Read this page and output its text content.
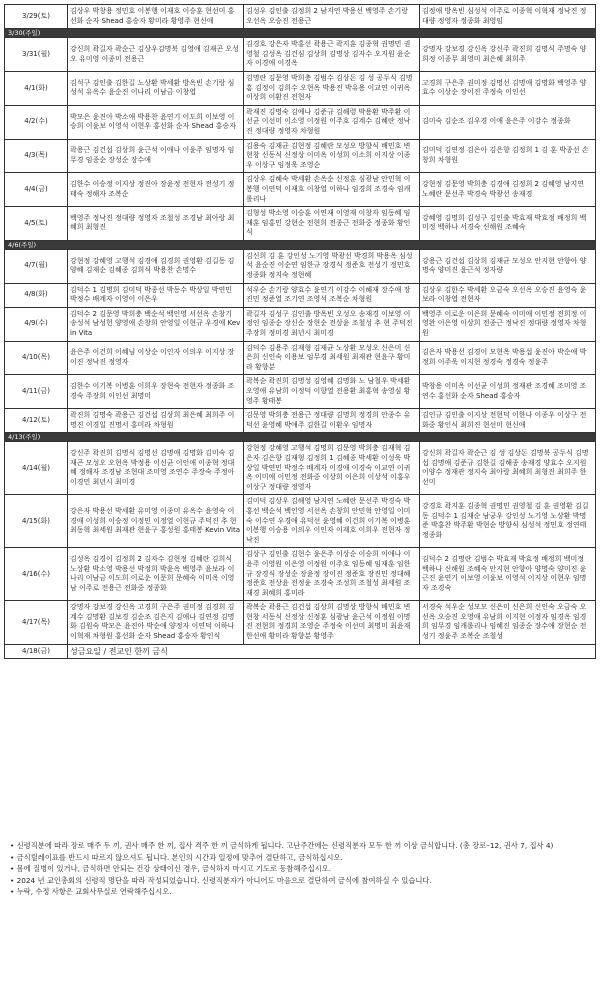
3/29(토)	김상우 박창용 정민호 이봉행 이재호 이승훈 현선미 홍선화 순자 Shead 홍승자 황미라 황영주 현신애	김성우 김인출 김정희 2 남지연 박용선 백영주 손기랑 오선옥 오승진 전용근	김정애 방옥빈 심성석 이주로 이종혁 이혁재 정낙진 정대량 정영자 정종화 최영임
3/30(주일)			
3/31(월)	강신희 곽길자 곽순근 김상우김명북 김영애 김재곤 오성오 유미영 이종미 전용근	김경호 강은자 박홍선 곽용근 곽지훈 김종혁 권명민 권영철 김성옥 김건심 김상희 김명상 김자수 오지원 윤순자 이경애 이경옥	강명자 강보경 강신옥 강신주 곽진희 김명식 주명숙 양희정 이종무 최영미 최은혜 최희주
4/1(화)	김석구 김인출 김한길 노상환 박세환 방옥빈 손기랑 심성석 유옥수 윤순진 이나리 이남금 이창엽	김명란 김문영 박희충 김범수 김상돈 김 성 공두식 김명흠 김정이 김희수 오현옥 박용진 박유용 이교연 이귀옥 이상희 이환진 전현자	고경희 구은주 권미정 김명선 김명애 김명화 백영주 양효수 이상순 장이진 주정숙 이인선
4/2(수)	박모은 윤진아 박소애 박용찬 윤연기 이도희 이보영 이승희 이윤보 이영석 이현우 홍선화 순자 Shead 홍승자	곽재진 김명숙 김예나 김준규 김해령 박용환 박주환 이선균 이선미 이소영 이정원 이주호 김계수 김혜란 정낙진 정대량 정영자 차형원	김미숙 김순조 김우경 이애 윤은주 이강수 정종화
4/3(목)	곽용근 김건섭 김상희 윤근석 이애나 이윤주 임명자 임무경 임종순 장성순 장수애	김용숙 김재균 김현정 김혜란 모성오 방향식 배민호 변현창 신동식 신정상 이미옥 이성희 이소희 이지상 이종우 이상구 임정욱 조영순	김미덕 김연정 김은아 김은향 김정희 1 김 훈 박종선 손창희 차형원
4/4(금)	김한수 이승정 이지상 정진아 장윤정 전현자 전성기 정태숙 정해자 조복순	김상우 김혜숙 박세환 손옥순 신정훈 심광남 안민혁 이봉행 이연덕 이재호 이창열 이하나 임경희 조경숙 임캐롤리나	강현정 김문영 박희충 김경애 김정희 2 김혜영 남지연 노혜란 문선주 박경숙 박광선 송재경
4/5(토)	백영주 정낙진 정대량 정영자 조철성 조경남 최아랑 최혜희 최형진	김형성 박소영 이승훈 이연재 이영재 이창자 임동혜 임재훈 임홍민 강현순 전현희 전종근 전화중 정종화 황인식	강혜영 김명희 김성구 김인출 박효재 박효정 배정희 백미정 백하나 서경숙 신해원 조혜숙
4/6(주일)			
4/7(월)	강현정 강혜영 고행석 김경애 김경희 권영환 김길동 김양혜 김재순 김혜종 김희식 박용찬 손명수	김신희 김 훈 강인성 노기영 박광선 박경희 박용옥 심성석 윤순진 이순연 임한규 장경식 정준호 전성기 정민호 정종화 정지숙 정현혜	강용근 김건섭 김상희 김재균 모성오 안지현 안향아 양명숙 양미진 윤근석 정자량
4/8(화)	김덕수 1 김명희 김미덕 박종선 박동수 박상일 박연민 박정수 배계자 이영이 이은우	석우순 손기랑 양효수 윤연기 이강수 이혜재 장수애 장진민 정준열 조기연 조영석 조복순 차형원	김상우 김한수 박세환 오금숙 오선옥 오승진 윤영숙 윤보라 이창엽 전현자
4/9(수)	김덕수 2 김문영 박희충 백순석 백인영 서선옥 손창기 송성석 남성헌 양영애 손창희 안영일 이현규 우경애 Kevin Vita	곽길자 김성구 김인출 방옥빈 오성오 송재경 이보영 이정인 임종순 장신순 장현순 전상윤 조철성 추 현 주덕진 주장희 정미경 최년시 최미경	백영주 이로운 이은희 문혜숙 이미애 이민정 전희정 이영완 이은영 이상희 전종근 정낙진 정대량 정영자 차형원
4/10(목)	윤은주 이건희 이혜님 이상순 이인자 이의우 이지상 장이진 정낙진 정영자	김덕수 김용주 김재형 김재균 노상환 모성오 신은미 신은희 신인숙 이용보 임무경 최세원 최재관 현윤구 황미라 황향분	김은자 박용선 김경이 모현옥 박용섭 윤진아 박순애 박정희 이주욱 이지현 정경숙 정경숙 정윤주
4/11(금)	김한수 이기복 이병훈 이희우 장현숙 전현자 정종화 조경숙 주장희 이인선 최명미	곽복순 곽진희 김명성 김영혜 김명화 노 남철우 박세환 오영애 유남희 이정덕 이향열 전용환 최홍혁 송영심 황영주 황태봉	박창용 이미옥 이선균 이성희 정재관 조경혜 조미영 조연수 홍선화 순자 Shead 홍승자
4/12(토)	곽진희 김명숙 곽용근 김건섭 김상희 최은혜 최희주 이명진 이경일 진명서 홍미라 차형원	김문영 박희충 전용근 정대량 김명희 정경희 안종수 유덕선 윤영혜 박애주 김한길 이환우 임명자	김인규 김인출 이지상 전현덕 이한나 이종우 이상구 전화중 황인식 최희진 현선미 현신애
4/13(주일)			
4/14(월)	강신주 곽진희 김명식 김명선 김명애 김명화 김미숙 김재곤 모성오 오현옥 박정용 이선균 이인애 이종혁 정대혜 정해자 조경남 조현대 조미영 조연수 주장숙 주정아 이경민 최년시 최미경	강현정 강혜영 고행석 김명희 김문영 박희충 김재혁 김은자 김은향 김재형 김정희 1 김혜종 박세환 이성욱 박상일 박연민 박정수 배계자 이경애 이경숙 이교연 이귀옥 이미애 이민정 전화중 이상희 이은희 이상석 이홍우 이상구 정대량 정영자	강신희 곽길자 곽순근 김 성 김상돈 김명북 공두식 김명섭 김명애 김준규 김한길 김해종 송재경 양효수 오지원 이양수 정재관 정지숙 최아랑 최혜희 최형진 최희주 한선미
4/15(화)	강은자 박용선 박세환 유미영 이종미 유옥수 윤영숙 이경애 이성희 이승정 이정민 이정열 이현규 주덕진 추 현 최동혁 최세원 최재관 현윤구 홍성원 홍태봉 Kevin Vita	김미덕 김상우 김해영 남지연 노혜란 문선주 박경숙 박홍선 백순석 백인영 서선옥 손창희 안민혁 안영일 이미숙 이수연 우경애 유덕선 윤영혜 이건희 이기복 이병훈 이봉행 이승용 이의우 이인자 이재호 이희우 전현자 정낙진	강경호 곽지훈 김종혁 권명민 권영철 김 훈 권영환 김길동 김덕수 1 김재순 남궁우 강인성 노기영 노상환 박명준 박홍찬 박주환 박현순 방향식 심성석 정민호 정연태 정종화
4/16(수)	김성옥 김경이 김정희 2 김자수 김현정 김혜란 김희식 노상환 박소영 박용선 박정희 박윤옥 백영주 윤보라 이나리 이남금 이도희 이로운 이문희 문혜숙 이미옥 이영남 이주로 전용근 전화중 정종화	김상구 김인출 김현수 윤은주 이상순 이승희 이애나 이윤주 이영원 이은영 이정원 이주호 임동혜 임재훈 임한규 장경식 장성순 장윤정 장이진 정준호 장진민 정대혜 정준호 전상윤 전정윤 조경숙 조성희 조철성 최세원 조재경 최혜희 홍미라	김덕수 2 김명란 김범수 박효재 박효정 배정희 백미정 백하나 신해원 조혜숙 안지현 안향아 양명숙 양미진 윤근진 윤연기 이보영 이윤보 이영석 이지상 이현우 임명자 조경숙
4/17(목)	강명자 강보경 강신옥 고경희 구은주 권미정 김경희 김계수 김명환 김보경 김순조 김은지 김애나 김연정 김명화 김원숙 박모은 윤진아 박순애 양정자 이연덕 이하나 이혁재 차형원 홍선화 순자 Shead 홍승자 황인식	곽복순 곽용근 김건섭 김상희 김명상 방향식 배민호 변현창 서동식 신정상 신정훈 심광남 윤근석 이정원 이명진 전현희 정경희 조영순 주정숙 이선미 최명미 최윤재 한선애 황미라 황향분 황영주	서경숙 석우순 성모모 신은미 신은희 신인숙 오금숙 오선옥 오승진 오영애 유남희 이지현 이정자 임경옥 임경희 임무경 임캐롤리나 임혜진 임종순 장수애 장현순 전성기 정윤주 조복순 조철성
4/18(금)	성금요일 / 전교인 한끼 금식		
• 신령직분에 따라 장로 매주 두 끼, 권사 매주 한 끼, 집사 격주 한 끼 금식하게 됩니다. 고난주간에는 신령직분자 모두 한 끼 이상 금식합니다. (총 장로–12, 권사 7, 집사 4)
• 금식릴레이표를 반드시 따르지 않으셔도 됩니다. 본인의 시간과 일정에 맞추어 결단하고, 금식하십시오.
• 몸에 질병이 있거나, 금식하면 안되는 건강 상태이신 경우, 금식하지 마시고 기도로 동참해주십시오.
• 2024 년 교인총회의 신령직 명단을 따라 작성되었습니다. 신령직분자가 아니어도 마음으로 결단하여 금식에 참여하실 수 있습니다.
• 누락, 수정 사항은 교회사무실로 연락해주십시오.
